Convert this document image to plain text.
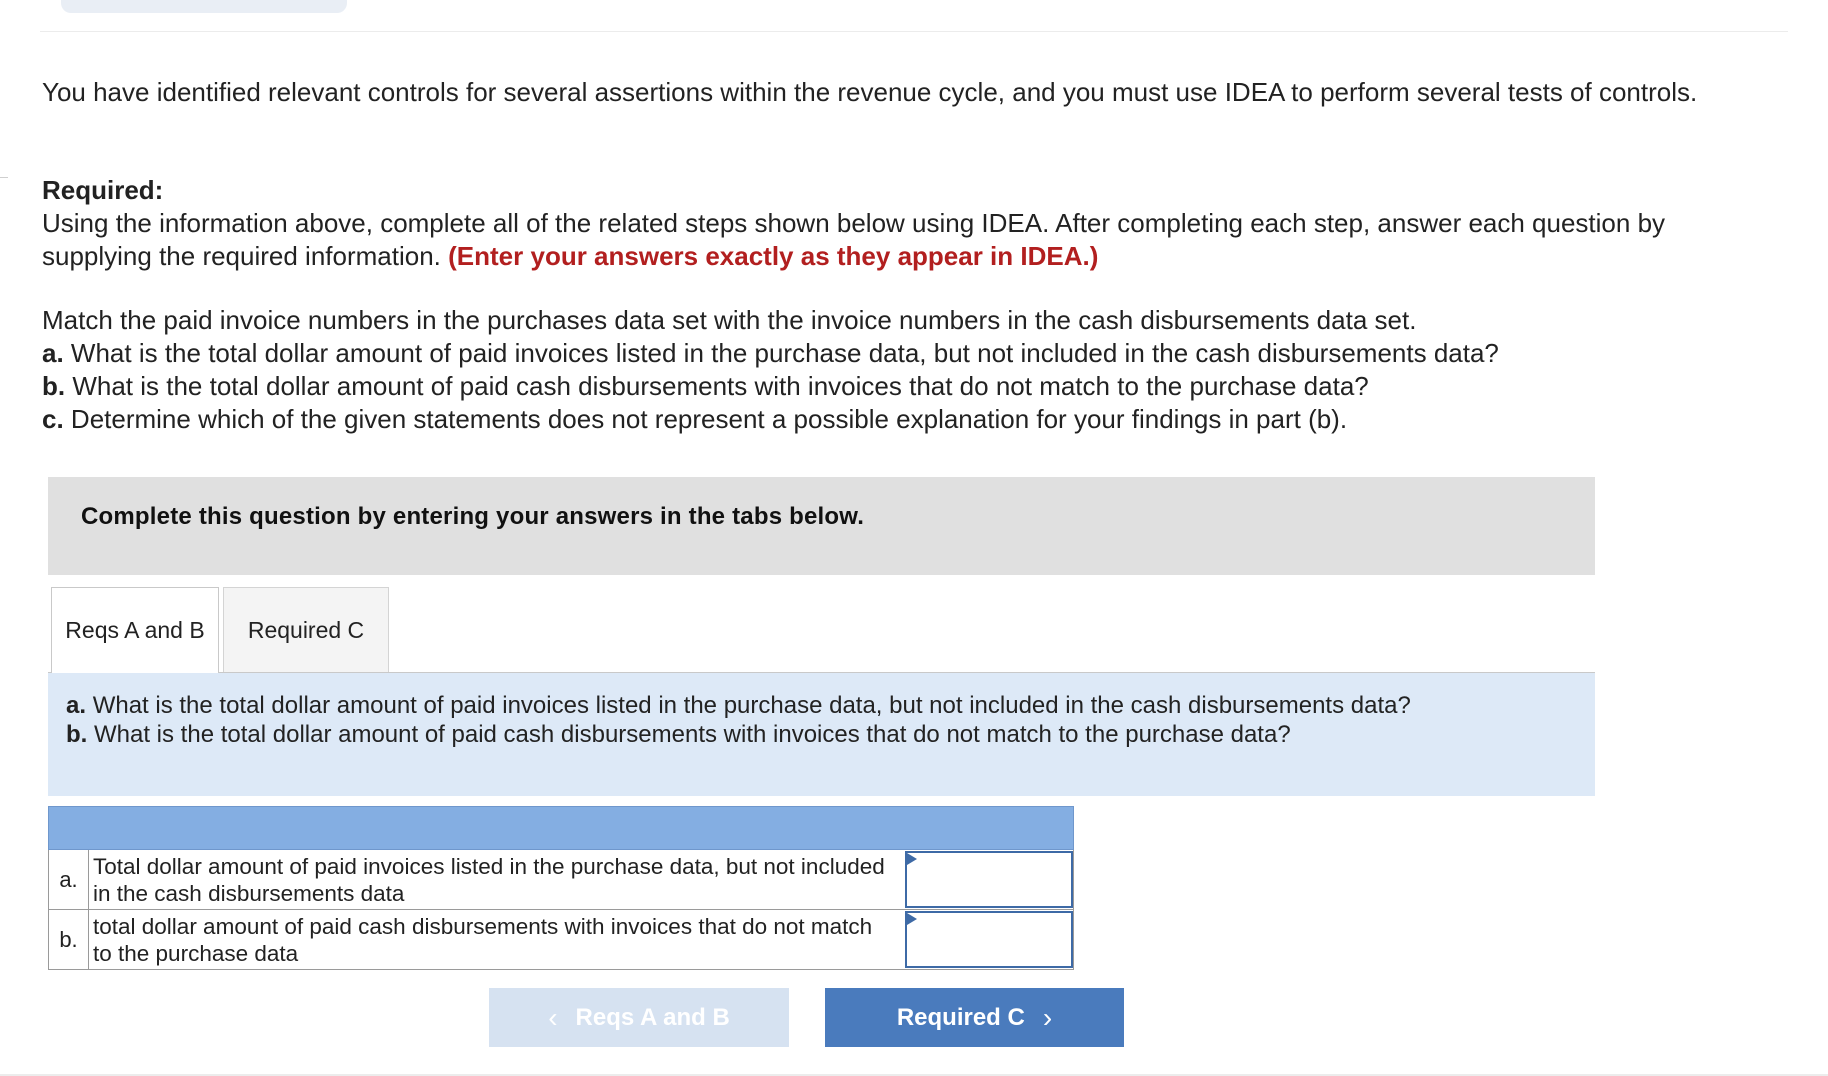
You have identified relevant controls for several assertions within the revenue cycle, and you must use IDEA to perform several tests of controls.

Required:
Using the information above, complete all of the related steps shown below using IDEA. After completing each step, answer each question by supplying the required information. (Enter your answers exactly as they appear in IDEA.)
Match the paid invoice numbers in the purchases data set with the invoice numbers in the cash disbursements data set.
a. What is the total dollar amount of paid invoices listed in the purchase data, but not included in the cash disbursements data?
b. What is the total dollar amount of paid cash disbursements with invoices that do not match to the purchase data?
c. Determine which of the given statements does not represent a possible explanation for your findings in part (b).
Complete this question by entering your answers in the tabs below.
Reqs A and B	Required C
a. What is the total dollar amount of paid invoices listed in the purchase data, but not included in the cash disbursements data?
b. What is the total dollar amount of paid cash disbursements with invoices that do not match to the purchase data?
a. Total dollar amount of paid invoices listed in the purchase data, but not included in the cash disbursements data
b. total dollar amount of paid cash disbursements with invoices that do not match to the purchase data
‹ Reqs A and B	Required C ›
